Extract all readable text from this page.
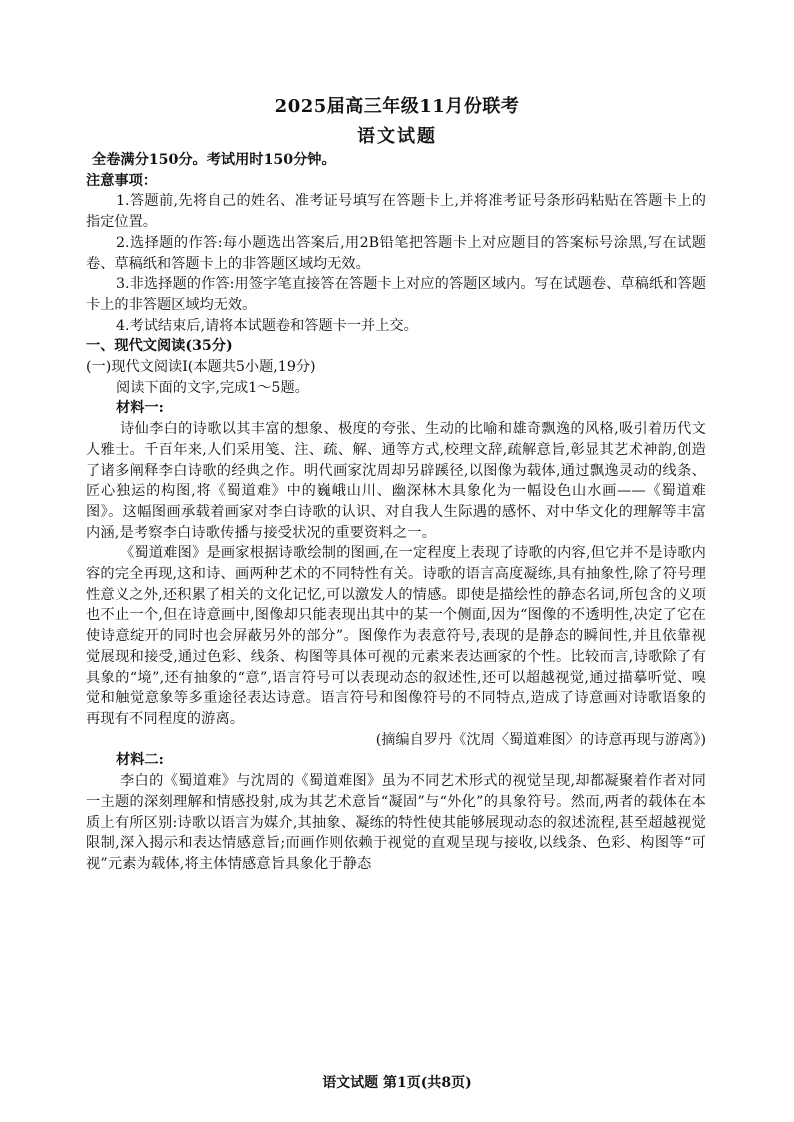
2025届高三年级11月份联考
语文试题

全卷满分150分。考试用时150分钟。

注意事项：

1.答题前,先将自己的姓名、准考证号填写在答题卡上,并将准考证号条形码粘贴在答题卡上的指定位置。

2.选择题的作答:每小题选出答案后,用2B铅笔把答题卡上对应题目的答案标号涂黑,写在试题卷、草稿纸和答题卡上的非答题区域均无效。

3.非选择题的作答:用签字笔直接答在答题卡上对应的答题区域内。写在试题卷、草稿纸和答题卡上的非答题区域均无效。

4.考试结束后,请将本试题卷和答题卡一并上交。

一、现代文阅读(35分)

(一)现代文阅读Ⅰ(本题共5小题,19分)

阅读下面的文字,完成1～5题。

材料一:

诗仙李白的诗歌以其丰富的想象、极度的夸张、生动的比喻和雄奇飘逸的风格,吸引着历代文人雅士。千百年来,人们采用笺、注、疏、解、通等方式,校理文辞,疏解意旨,彰显其艺术神韵,创造了诸多阐释李白诗歌的经典之作。明代画家沈周却另辟蹊径,以图像为载体,通过飘逸灵动的线条、匠心独运的构图,将《蜀道难》中的巍峨山川、幽深林木具象化为一幅设色山水画——《蜀道难图》。这幅图画承载着画家对李白诗歌的认识、对自我人生际遇的感怀、对中华文化的理解等丰富内涵,是考察李白诗歌传播与接受状况的重要资料之一。

《蜀道难图》是画家根据诗歌绘制的图画,在一定程度上表现了诗歌的内容,但它并不是诗歌内容的完全再现,这和诗、画两种艺术的不同特性有关。诗歌的语言高度凝练,具有抽象性,除了符号理性意义之外,还积累了相关的文化记忆,可以激发人的情感。即使是描绘性的静态名词,所包含的义项也不止一个,但在诗意画中,图像却只能表现出其中的某一个侧面,因为“图像的不透明性,决定了它在使诗意绽开的同时也会屏蔽另外的部分”。图像作为表意符号,表现的是静态的瞬间性,并且依靠视觉展现和接受,通过色彩、线条、构图等具体可视的元素来表达画家的个性。比较而言,诗歌除了有具象的“境”,还有抽象的“意”,语言符号可以表现动态的叙述性,还可以超越视觉,通过描摹听觉、嗅觉和触觉意象等多重途径表达诗意。语言符号和图像符号的不同特点,造成了诗意画对诗歌语象的再现有不同程度的游离。

(摘编自罗丹《沈周〈蜀道难图〉的诗意再现与游离》)

材料二:

李白的《蜀道难》与沈周的《蜀道难图》虽为不同艺术形式的视觉呈现,却都凝聚着作者对同一主题的深刻理解和情感投射,成为其艺术意旨“凝固”与“外化”的具象符号。然而,两者的载体在本质上有所区别:诗歌以语言为媒介,其抽象、凝练的特性使其能够展现动态的叙述流程,甚至超越视觉限制,深入揭示和表达情感意旨;而画作则依赖于视觉的直观呈现与接收,以线条、色彩、构图等“可视”元素为载体,将主体情感意旨具象化于静态

语文试题 第1页(共8页)
